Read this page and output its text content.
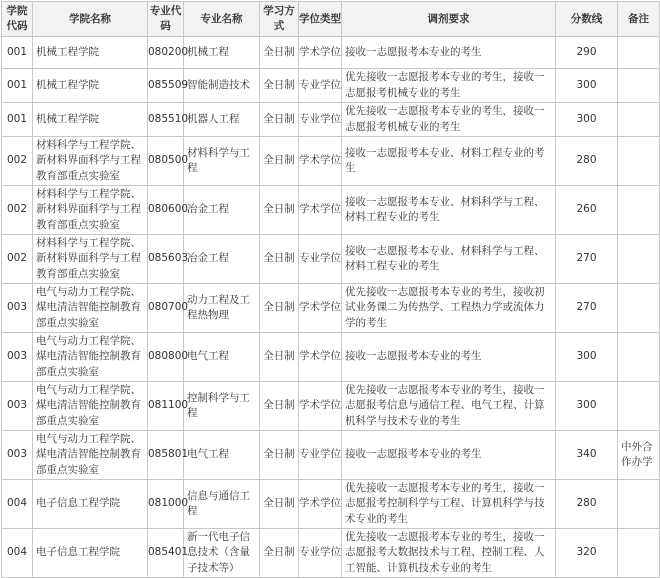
学院代码	学院名称	专业代码	专业名称	学习方式	学位类型	调剂要求	分数线	备注
001	机械工程学院	080200	机械工程	全日制	学术学位	接收一志愿报考本专业的考生	290	
001	机械工程学院	085509	智能制造技术	全日制	专业学位	优先接收一志愿报考本专业的考生，接收一志愿报考机械专业的考生	300	
001	机械工程学院	085510	机器人工程	全日制	专业学位	优先接收一志愿报考本专业的考生，接收一志愿报考机械专业的考生	300	
002	材料科学与工程学院、新材料界面科学与工程教育部重点实验室	080500	材料科学与工程	全日制	学术学位	接收一志愿报考本专业、材料工程专业的考生	280	
002	材料科学与工程学院、新材料界面科学与工程教育部重点实验室	080600	冶金工程	全日制	学术学位	接收一志愿报考本专业、材料科学与工程、材料工程专业的考生	260	
002	材料科学与工程学院、新材料界面科学与工程教育部重点实验室	085603	冶金工程	全日制	专业学位	接收一志愿报考本专业、材料科学与工程、材料工程专业的考生	270	
003	电气与动力工程学院、煤电清洁智能控制教育部重点实验室	080700	动力工程及工程热物理	全日制	学术学位	优先接收一志愿报考本专业的考生，接收初试业务课二为传热学、工程热力学或流体力学的考生	270	
003	电气与动力工程学院、煤电清洁智能控制教育部重点实验室	080800	电气工程	全日制	学术学位	接收一志愿报考本专业的考生	300	
003	电气与动力工程学院、煤电清洁智能控制教育部重点实验室	081100	控制科学与工程	全日制	学术学位	优先接收一志愿报考本专业的考生，接收一志愿报考信息与通信工程、电气工程、计算机科学与技术专业的考生	300	
003	电气与动力工程学院、煤电清洁智能控制教育部重点实验室	085801	电气工程	全日制	专业学位	接收一志愿报考本专业的考生	340	中外合作办学
004	电子信息工程学院	081000	信息与通信工程	全日制	学术学位	优先接收一志愿报考本专业的考生，接收一志愿报考控制科学与工程、计算机科学与技术专业的考生	280	
004	电子信息工程学院	085401	新一代电子信息技术（含量子技术等）	全日制	专业学位	优先接收一志愿报考本专业的考生，接收一志愿报考大数据技术与工程、控制工程、人工智能、计算机技术专业的考生	320	
